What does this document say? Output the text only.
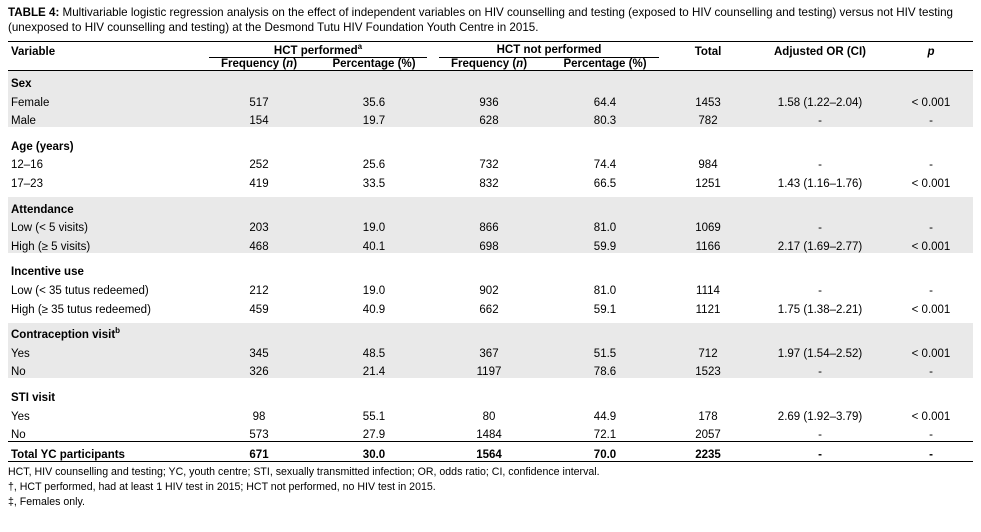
TABLE 4: Multivariable logistic regression analysis on the effect of independent variables on HIV counselling and testing (exposed to HIV counselling and testing) versus not HIV testing (unexposed to HIV counselling and testing) at the Desmond Tutu HIV Foundation Youth Centre in 2015.

Variable	HCT performed$^a$		HCT not performed		Total	Adjusted OR (CI)	p
	Frequency (n)	Percentage (%)	Frequency (n)	Percentage (%)			
Sex							
Female	517	35.6	936	64.4	1453	1.58 (1.22–2.04)	< 0.001
Male	154	19.7	628	80.3	782	-	-

Age (years)							
12–16	252	25.6	732	74.4	984	-	-
17–23	419	33.5	832	66.5	1251	1.43 (1.16–1.76)	< 0.001

Attendance							
Low (< 5 visits)	203	19.0	866	81.0	1069	-	-
High (≥ 5 visits)	468	40.1	698	59.9	1166	2.17 (1.69–2.77)	< 0.001

Incentive use							
Low (< 35 tutus redeemed)	212	19.0	902	81.0	1114	-	-
High (≥ 35 tutus redeemed)	459	40.9	662	59.1	1121	1.75 (1.38–2.21)	< 0.001

Contraception visit$^b$							
Yes	345	48.5	367	51.5	712	1.97 (1.54–2.52)	< 0.001
No	326	21.4	1197	78.6	1523	-	-

STI visit							
Yes	98	55.1	80	44.9	178	2.69 (1.92–3.79)	< 0.001
No	573	27.9	1484	72.1	2057	-	-
Total YC participants	671	30.0	1564	70.0	2235	-	-
HCT, HIV counselling and testing; YC, youth centre; STI, sexually transmitted infection; OR, odds ratio; CI, confidence interval.
†, HCT performed, had at least 1 HIV test in 2015; HCT not performed, no HIV test in 2015.
‡, Females only.
